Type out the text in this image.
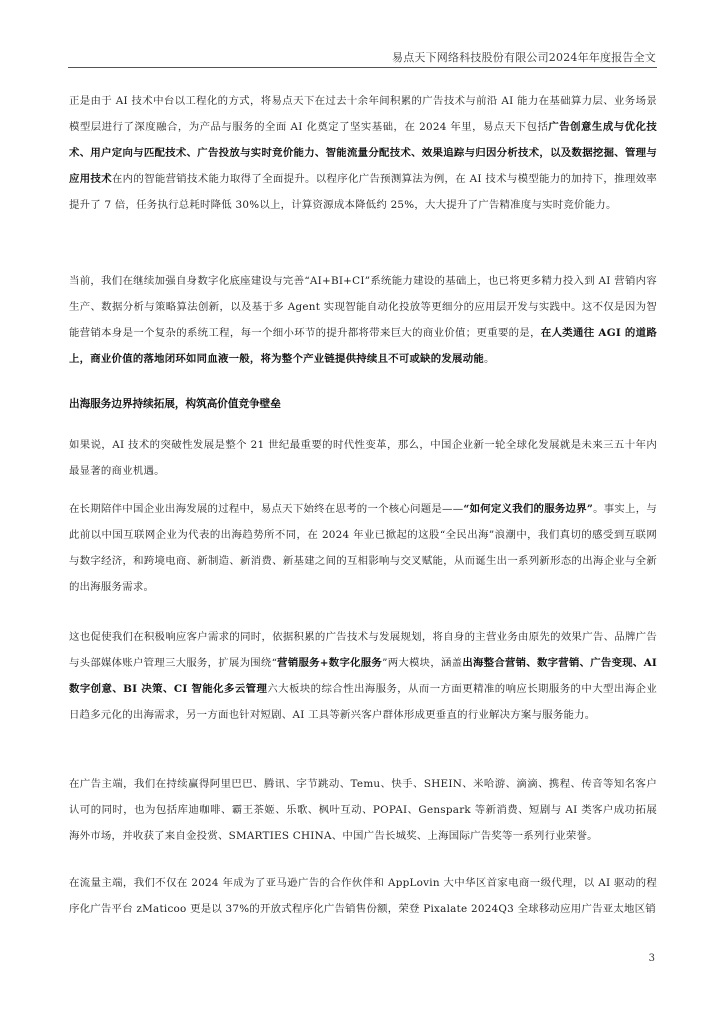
易点天下网络科技股份有限公司2024年年度报告全文

正是由于 AI 技术中台以工程化的方式，将易点天下在过去十余年间积累的广告技术与前沿 AI 能力在基础算力层、业务场景模型层进行了深度融合，为产品与服务的全面 AI 化奠定了坚实基础，在 2024 年里，易点天下包括广告创意生成与优化技术、用户定向与匹配技术、广告投放与实时竞价能力、智能流量分配技术、效果追踪与归因分析技术，以及数据挖掘、管理与应用技术在内的智能营销技术能力取得了全面提升。以程序化广告预测算法为例，在 AI 技术与模型能力的加持下，推理效率提升了 7 倍，任务执行总耗时降低 30%以上，计算资源成本降低约 25%，大大提升了广告精准度与实时竞价能力。

当前，我们在继续加强自身数字化底座建设与完善“AI+BI+CI”系统能力建设的基础上，也已将更多精力投入到 AI 营销内容生产、数据分析与策略算法创新，以及基于多 Agent 实现智能自动化投放等更细分的应用层开发与实践中。这不仅是因为智能营销本身是一个复杂的系统工程，每一个细小环节的提升都将带来巨大的商业价值；更重要的是，在人类通往 AGI 的道路上，商业价值的落地闭环如同血液一般，将为整个产业链提供持续且不可或缺的发展动能。

出海服务边界持续拓展，构筑高价值竞争壁垒

如果说，AI 技术的突破性发展是整个 21 世纪最重要的时代性变革，那么，中国企业新一轮全球化发展就是未来三五十年内最显著的商业机遇。

在长期陪伴中国企业出海发展的过程中，易点天下始终在思考的一个核心问题是——“如何定义我们的服务边界”。事实上，与此前以中国互联网企业为代表的出海趋势所不同，在 2024 年业已掀起的这股“全民出海”浪潮中，我们真切的感受到互联网与数字经济，和跨境电商、新制造、新消费、新基建之间的互相影响与交叉赋能，从而诞生出一系列新形态的出海企业与全新的出海服务需求。

这也促使我们在积极响应客户需求的同时，依据积累的广告技术与发展规划，将自身的主营业务由原先的效果广告、品牌广告与头部媒体账户管理三大服务，扩展为围绕“营销服务+数字化服务”两大模块，涵盖出海整合营销、数字营销、广告变现、AI 数字创意、BI 决策、CI 智能化多云管理六大板块的综合性出海服务，从而一方面更精准的响应长期服务的中大型出海企业日趋多元化的出海需求，另一方面也针对短剧、AI 工具等新兴客户群体形成更垂直的行业解决方案与服务能力。

在广告主端，我们在持续赢得阿里巴巴、腾讯、字节跳动、Temu、快手、SHEIN、米哈游、滴滴、携程、传音等知名客户认可的同时，也为包括库迪咖啡、霸王茶姬、乐歌、枫叶互动、POPAI、Genspark 等新消费、短剧与 AI 类客户成功拓展海外市场，并收获了来自金投赏、SMARTIES CHINA、中国广告长城奖、上海国际广告奖等一系列行业荣誉。

在流量主端，我们不仅在 2024 年成为了亚马逊广告的合作伙伴和 AppLovin 大中华区首家电商一级代理，以 AI 驱动的程序化广告平台 zMaticoo 更是以 37%的开放式程序化广告销售份额，荣登 Pixalate 2024Q3 全球移动应用广告亚太地区销

3
